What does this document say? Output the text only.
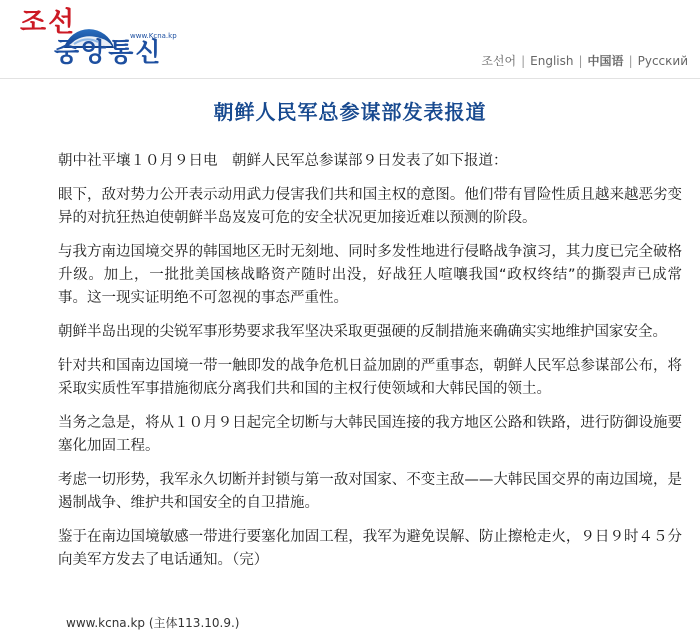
조선
중앙통신
www.Kcna.kp
조선어 | English | 中国语 | Русский
朝鲜人民军总参谋部发表报道

朝中社平壤１０月９日电　朝鲜人民军总参谋部９日发表了如下报道：

眼下，敌对势力公开表示动用武力侵害我们共和国主权的意图。他们带有冒险性质且越来越恶劣变异的对抗狂热迫使朝鲜半岛岌岌可危的安全状况更加接近难以预测的阶段。

与我方南边国境交界的韩国地区无时无刻地、同时多发性地进行侵略战争演习，其力度已完全破格升级。加上，一批批美国核战略资产随时出没，好战狂人喧嚷我国“政权终结”的撕裂声已成常事。这一现实证明绝不可忽视的事态严重性。

朝鲜半岛出现的尖锐军事形势要求我军坚决采取更强硬的反制措施来确确实实地维护国家安全。

针对共和国南边国境一带一触即发的战争危机日益加剧的严重事态，朝鲜人民军总参谋部公布，将采取实质性军事措施彻底分离我们共和国的主权行使领域和大韩民国的领土。

当务之急是，将从１０月９日起完全切断与大韩民国连接的我方地区公路和铁路，进行防御设施要塞化加固工程。

考虑一切形势，我军永久切断并封锁与第一敌对国家、不变主敌——大韩民国交界的南边国境，是遏制战争、维护共和国安全的自卫措施。

鉴于在南边国境敏感一带进行要塞化加固工程，我军为避免误解、防止擦枪走火，９日９时４５分向美军方发去了电话通知。（完）

www.kcna.kp (主体113.10.9.)
